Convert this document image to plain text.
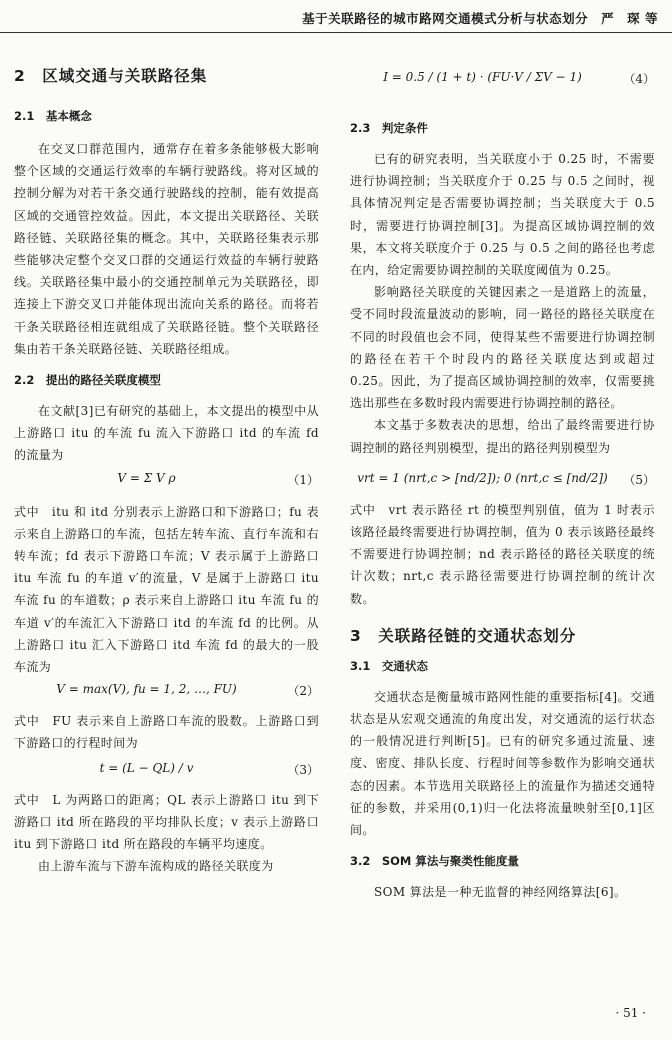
基于关联路径的城市路网交通模式分析与状态划分　严　琛 等
2　区域交通与关联路径集
2.1　基本概念

在交叉口群范围内，通常存在着多条能够极大影响整个区域的交通运行效率的车辆行驶路线。将对区域的控制分解为对若干条交通行驶路线的控制，能有效提高区域的交通管控效益。因此，本文提出关联路径、关联路径链、关联路径集的概念。其中，关联路径集表示那些能够决定整个交叉口群的交通运行效益的车辆行驶路线。关联路径集中最小的交通控制单元为关联路径，即连接上下游交叉口并能体现出流向关系的路径。而将若干条关联路径相连就组成了关联路径链。整个关联路径集由若干条关联路径链、关联路径组成。

2.2　提出的路径关联度模型

在文献[3]已有研究的基础上，本文提出的模型中从上游路口 itu 的车流 fu 流入下游路口 itd 的车流 fd 的流量为

V = Σ V ρ	（1）

式中　itu 和 itd 分别表示上游路口和下游路口；fu 表示来自上游路口的车流，包括左转车流、直行车流和右转车流；fd 表示下游路口车流；V 表示属于上游路口 itu 车流 fu 的车道 v′的流量，V 是属于上游路口 itu 车流 fu 的车道数；ρ 表示来自上游路口 itu 车流 fu 的车道 v′的车流汇入下游路口 itd 的车流 fd 的比例。从上游路口 itu 汇入下游路口 itd 车流 fd 的最大的一股车流为

V = max(V), fu = 1, 2, …, FU)	（2）

式中　FU 表示来自上游路口车流的股数。上游路口到下游路口的行程时间为

t = (L − QL) / v	（3）

式中　L 为两路口的距离；QL 表示上游路口 itu 到下游路口 itd 所在路段的平均排队长度；v 表示上游路口 itu 到下游路口 itd 所在路段的车辆平均速度。

由上游车流与下游车流构成的路径关联度为

I = 0.5 / (1 + t) · (FU·V / ΣV − 1)	（4）
2.3　判定条件

已有的研究表明，当关联度小于 0.25 时，不需要进行协调控制；当关联度介于 0.25 与 0.5 之间时，视具体情况判定是否需要协调控制；当关联度大于 0.5 时，需要进行协调控制[3]。为提高区域协调控制的效果，本文将关联度介于 0.25 与 0.5 之间的路径也考虑在内，给定需要协调控制的关联度阈值为 0.25。

影响路径关联度的关键因素之一是道路上的流量，受不同时段流量波动的影响，同一路径的路径关联度在不同的时段值也会不同，使得某些不需要进行协调控制的路径在若干个时段内的路径关联度达到或超过 0.25。因此，为了提高区域协调控制的效率，仅需要挑选出那些在多数时段内需要进行协调控制的路径。

本文基于多数表决的思想，给出了最终需要进行协调控制的路径判别模型，提出的路径判别模型为

vrt = 1 (nrt,c > [nd/2]); 0 (nrt,c ≤ [nd/2])	（5）

式中　vrt 表示路径 rt 的模型判别值，值为 1 时表示该路径最终需要进行协调控制，值为 0 表示该路径最终不需要进行协调控制；nd 表示路径的路径关联度的统计次数；nrt,c 表示路径需要进行协调控制的统计次数。

3　关联路径链的交通状态划分
3.1　交通状态

交通状态是衡量城市路网性能的重要指标[4]。交通状态是从宏观交通流的角度出发，对交通流的运行状态的一般情况进行判断[5]。已有的研究多通过流量、速度、密度、排队长度、行程时间等参数作为影响交通状态的因素。本节选用关联路径上的流量作为描述交通特征的参数，并采用(0,1)归一化法将流量映射至[0,1]区间。

3.2　SOM 算法与聚类性能度量

SOM 算法是一种无监督的神经网络算法[6]。

· 51 ·
